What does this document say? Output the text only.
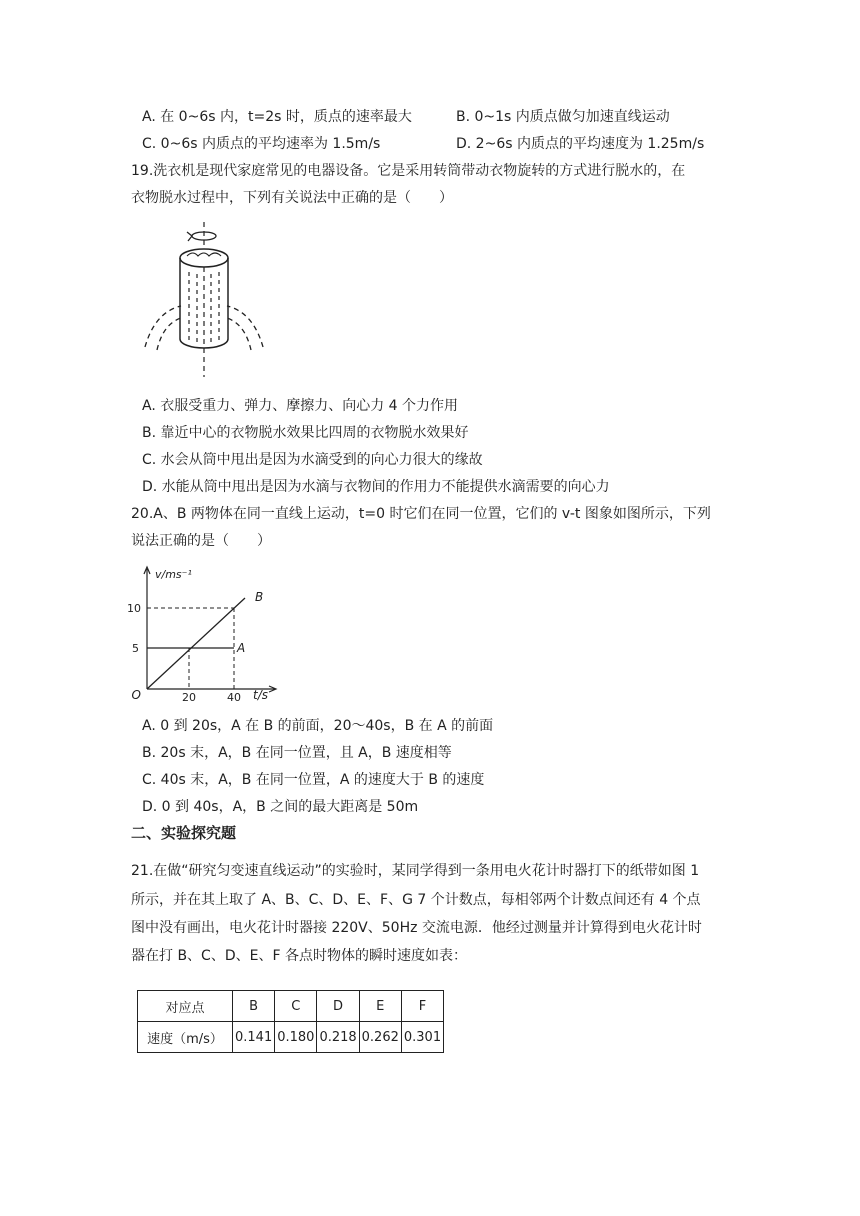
A. 在 0~6s 内，t=2s 时，质点的速率最大	B. 0~1s 内质点做匀加速直线运动
C. 0~6s 内质点的平均速率为 1.5m/s	D. 2~6s 内质点的平均速度为 1.25m/s
19.洗衣机是现代家庭常见的电器设备。它是采用转筒带动衣物旋转的方式进行脱水的，在
衣物脱水过程中，下列有关说法中正确的是（　　）
A. 衣服受重力、弹力、摩擦力、向心力 4 个力作用
B. 靠近中心的衣物脱水效果比四周的衣物脱水效果好
C. 水会从筒中甩出是因为水滴受到的向心力很大的缘故
D. 水能从筒中甩出是因为水滴与衣物间的作用力不能提供水滴需要的向心力
20.A、B 两物体在同一直线上运动，t=0 时它们在同一位置，它们的 v-t 图象如图所示，下列
说法正确的是（　　）
v/ms⁻¹
t/s
O	20	40
5
10
A
B
A. 0 到 20s，A 在 B 的前面，20～40s，B 在 A 的前面
B. 20s 末，A，B 在同一位置，且 A，B 速度相等
C. 40s 末，A，B 在同一位置，A 的速度大于 B 的速度
D. 0 到 40s，A，B 之间的最大距离是 50m
二、实验探究题
21.在做“研究匀变速直线运动”的实验时，某同学得到一条用电火花计时器打下的纸带如图 1
所示，并在其上取了 A、B、C、D、E、F、G 7 个计数点，每相邻两个计数点间还有 4 个点
图中没有画出，电火花计时器接 220V、50Hz 交流电源．他经过测量并计算得到电火花计时
器在打 B、C、D、E、F 各点时物体的瞬时速度如表：
对应点	B	C	D	E	F
速度（m/s）	0.141	0.180	0.218	0.262	0.301
